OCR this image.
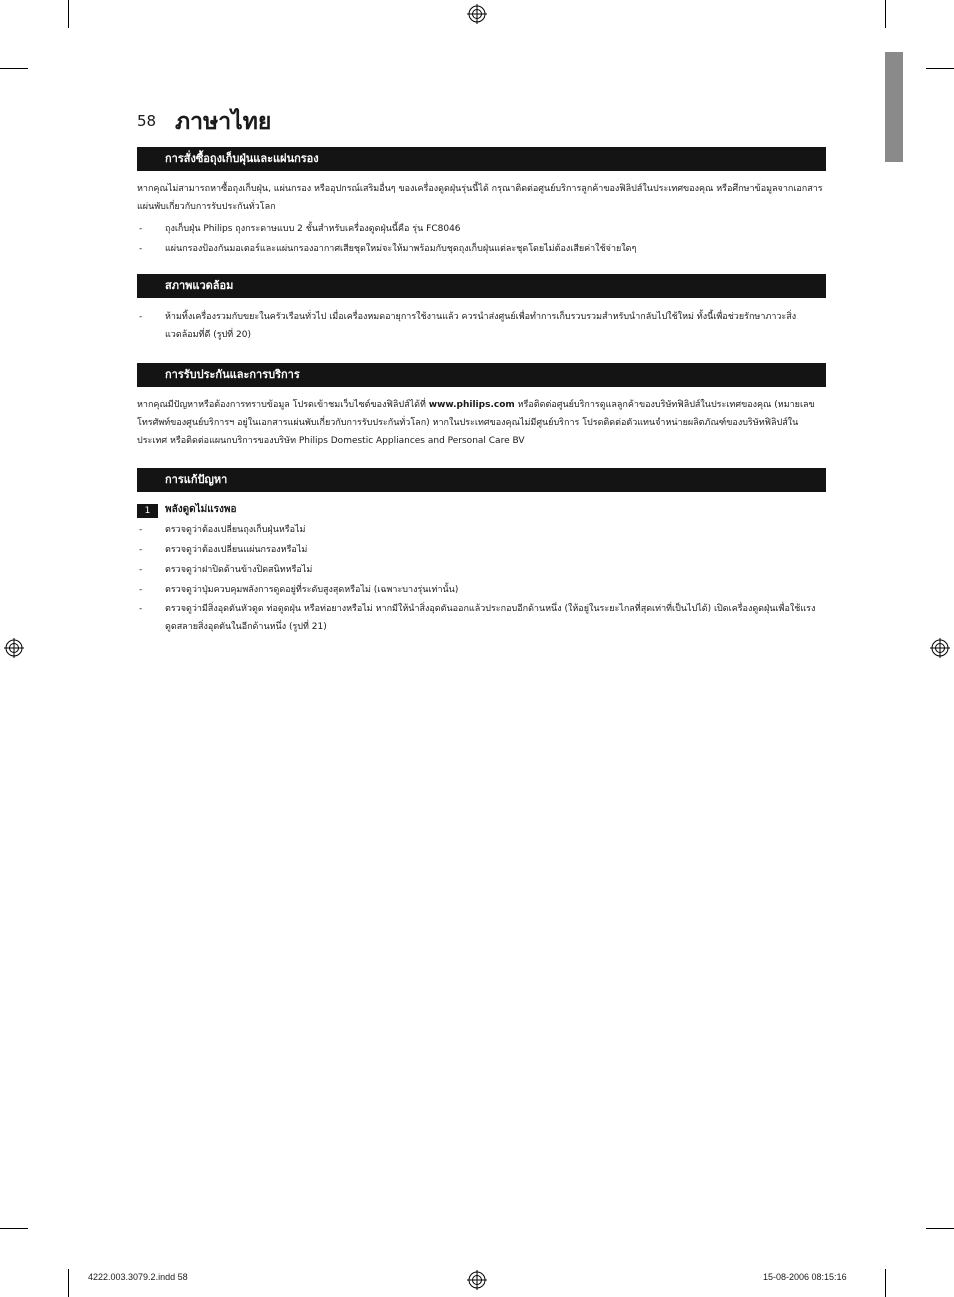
58 ภาษาไทย
การสั่งซื้อถุงเก็บฝุ่นและแผ่นกรอง

หากคุณไม่สามารถหาซื้อถุงเก็บฝุ่น, แผ่นกรอง หรืออุปกรณ์เสริมอื่นๆ ของเครื่องดูดฝุ่นรุ่นนี้ได้ กรุณาติดต่อศูนย์บริการลูกค้าของฟิลิปส์ในประเทศของคุณ หรือศึกษาข้อมูลจากเอกสารแผ่นพับเกี่ยวกับการรับประกันทั่วโลก

-	ถุงเก็บฝุ่น Philips ถุงกระดาษแบบ 2 ชั้นสำหรับเครื่องดูดฝุ่นนี้คือ รุ่น FC8046
-	แผ่นกรองป้องกันมอเตอร์และแผ่นกรองอากาศเสียชุดใหม่จะให้มาพร้อมกับชุดถุงเก็บฝุ่นแต่ละชุดโดยไม่ต้องเสียค่าใช้จ่ายใดๆ
สภาพแวดล้อม
-	ห้ามทิ้งเครื่องรวมกับขยะในครัวเรือนทั่วไป เมื่อเครื่องหมดอายุการใช้งานแล้ว ควรนำส่งศูนย์เพื่อทำการเก็บรวบรวมสำหรับนำกลับไปใช้ใหม่ ทั้งนี้เพื่อช่วยรักษาภาวะสิ่งแวดล้อมที่ดี (รูปที่ 20)
การรับประกันและการบริการ

หากคุณมีปัญหาหรือต้องการทราบข้อมูล โปรดเข้าชมเว็บไซต์ของฟิลิปส์ได้ที่ www.philips.com หรือติดต่อศูนย์บริการดูแลลูกค้าของบริษัทฟิลิปส์ในประเทศของคุณ (หมายเลขโทรศัพท์ของศูนย์บริการฯ อยู่ในเอกสารแผ่นพับเกี่ยวกับการรับประกันทั่วโลก) หากในประเทศของคุณไม่มีศูนย์บริการ โปรดติดต่อตัวแทนจำหน่ายผลิตภัณฑ์ของบริษัทฟิลิปส์ในประเทศ หรือติดต่อแผนกบริการของบริษัท Philips Domestic Appliances and Personal Care BV

การแก้ปัญหา
1	พลังดูดไม่แรงพอ
-	ตรวจดูว่าต้องเปลี่ยนถุงเก็บฝุ่นหรือไม่
-	ตรวจดูว่าต้องเปลี่ยนแผ่นกรองหรือไม่
-	ตรวจดูว่าฝาปิดด้านข้างปิดสนิทหรือไม่
-	ตรวจดูว่าปุ่มควบคุมพลังการดูดอยู่ที่ระดับสูงสุดหรือไม่ (เฉพาะบางรุ่นเท่านั้น)
-	ตรวจดูว่ามีสิ่งอุดตันหัวดูด ท่อดูดฝุ่น หรือท่อยางหรือไม่ หากมีให้นำสิ่งอุดตันออกแล้วประกอบอีกด้านหนึ่ง (ให้อยู่ในระยะไกลที่สุดเท่าที่เป็นไปได้) เปิดเครื่องดูดฝุ่นเพื่อใช้แรงดูดสลายสิ่งอุดตันในอีกด้านหนึ่ง (รูปที่ 21)
4222.003.3079.2.indd 58	15-08-2006 08:15:16
